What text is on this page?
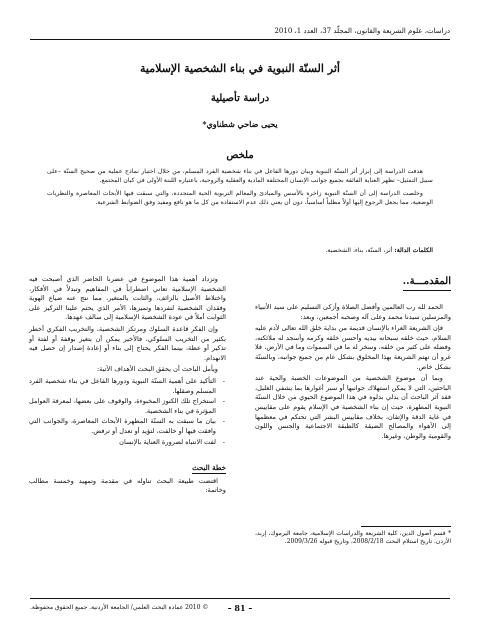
دراسات، علوم الشريعة والقانون، المجلّد 37، العدد 1، 2010
أثر السنّة النبوية في بناء الشخصية الإسلامية
دراسة تأصيلية
يحيى ضاحي شطناوي*
ملخص

هدفت الدراسة إلى إبراز أثر السنّة النبوية وبيان دورها الفاعل في بناء شخصية الفرد المسلم، من خلال اختيار نماذج عملية من صحيح السنّة –على سبيل التمثيل– تظهر العناية الفائقة بجميع جوانب الإنسان المختلفة المادية والعقلية والروحية، باعتباره اللبنة الأولى في كيان المجتمع.

وخلصت الدراسة إلى أن السنّة النبوية زاخرة بالأسس والمبادئ والمعالم التربوية الحية المتجددة، والتي سبقت فيها الأبحاث المعاصرة والنظريات الوضعية، مما يجعل الرجوع إليها أولاً مطلباً أساسياً، دون أن يعني ذلك عدم الاستفادة من كل ما هو نافع ومفيد وفق الضوابط الشرعية.

الكلمات الدالة: أثر، السنّة، بناء، الشخصية.
المقدمـــة..

الحمد لله رب العالمين وأفضل الصلاة وأزكى التسليم على سيد الأنبياء والمرسلين سيدنا محمد وعلى آله وصحبه أجمعين، وبعد:

فإن الشريعة الغراء بالإنسان قديمة من بداية خلق الله تعالى لآدم عليه السلام، حيث خلقه سبحانه بيديه وأحسن خلقه وكرمه وأسجد له ملائكته، وفضله على كثير من خلقه، وسخر له ما في السموات وما في الأرض، فلا غرو أن تهتم الشريعة بهذا المخلوق بشكل عام من جميع جوانبه، وبالسنّة بشكل خاص.

وبما أن موضوع الشخصية من الموضوعات الخصبة والحية عند الباحثين، التي لا يمكن استهلاك جوانبها أو سبر أغوارها بما يشفي الغليل، فقد آثر الباحث أن يدلي بدلوه في هذا الموضوع الحيوي من خلال السنّة النبوية المطهرة، حيث إن بناء الشخصية في الإسلام يقوم على مقاييس في غاية الدقة والإتقان، بخلاف مقاييس البشر التي تحتكم في معظمها إلى الأهواء والمصالح الضيقة كالطبقة الاجتماعية والجنس واللون والقومية والوطن، وغيرها.

وتزداد أهمية هذا الموضوع في عصرنا الحاضر الذي أصبحت فيه الشخصية الإسلامية تعاني اضطراباً في المفاهيم وتبدلاً في الأفكار، واختلاط الأصيل بالزائف، والثابت بالمتغير، مما نتج عنه ضياع الهوية وفقدان الشخصية لتفردها وتميزها، الأمر الذي يحتم علينا التركيز على الثوابت أملاً في عودة الشخصية الإسلامية إلى سالف عهدها.

وإن الفكر قاعدة السلوك ومرتكز الشخصية، والتخريب الفكري أخطر بكثير من التخريب السلوكي، فالأخير يمكن أن يتغير بوقفة أو لفتة أو تذكير أو عظة، بينما الفكر يحتاج إلى بناء أو إعادة إصدار إن حصل فيه الانهدام.

ويأمل الباحث أن يحقق البحث الأهداف الآتية:

- التأكيد على أهمية السنّة النبوية ودورها الفاعل في بناء شخصية الفرد المسلم وصقلها.
- استخراج تلك الكنوز المخبوءة، والوقوف على بعضها، لمعرفة العوامل المؤثرة في بناء الشخصية.
- بيان ما سبقت به السنّة المطهرة الأبحاث المعاصرة، والجوانب التي وافقت فيها أو خالفت، لتؤيد أو تعدل أو ترفض.
- لفت الانتباه لضرورة العناية بالإنسان
خطة البحث

اقتضت طبيعة البحث تناوله في مقدمة وتمهيد وخمسة مطالب وخاتمة:

* قسم أصول الدين، كلية الشريعة والدراسات الإسلامية، جامعة اليرموك، إربد، الأردن. تاريخ استلام البحث 2008/2/18، وتاريخ قبوله 2009/3/26.
– 81 –
© 2010 عمادة البحث العلمي/ الجامعة الأردنية. جميع الحقوق محفوظة.
